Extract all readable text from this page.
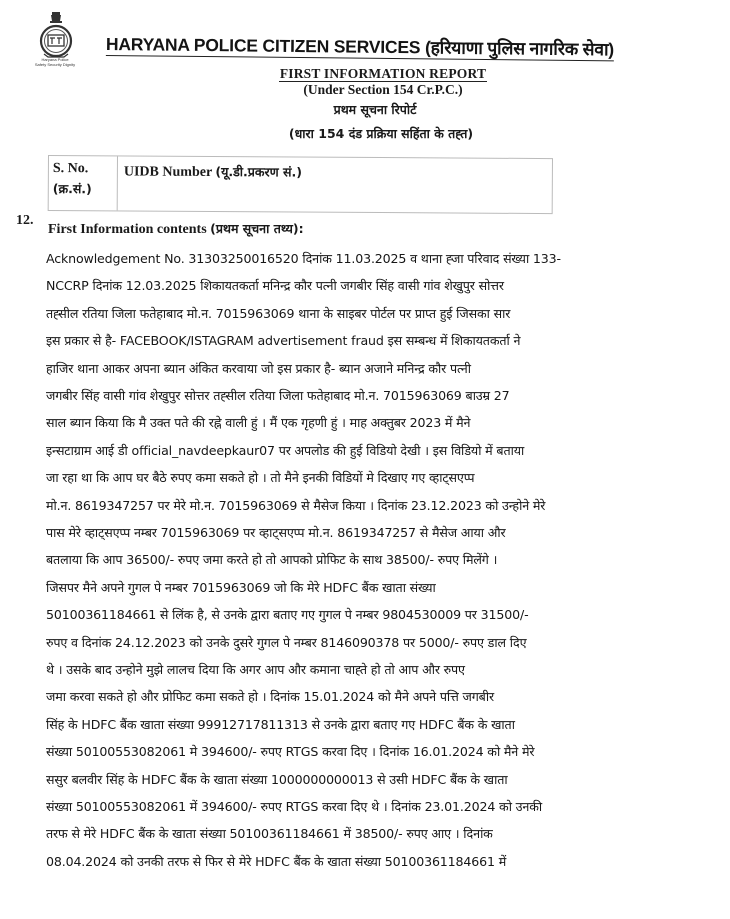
Haryana Police
Safety Security Dignity
HARYANA POLICE CITIZEN SERVICES (हरियाणा पुलिस नागरिक सेवा)
FIRST INFORMATION REPORT
(Under Section 154 Cr.P.C.)
प्रथम सूचना रिपोर्ट
(धारा 154 दंड प्रक्रिया सहिंता के तह्त)
S. No.
(क्र.सं.)
UIDB Number (यू.डी.प्रकरण सं.)
12.
First Information contents (प्रथम सूचना तथ्य):
Acknowledgement No. 31303250016520 दिनांक 11.03.2025 व थाना ह्जा परिवाद संख्या 133-
NCCRP दिनांक 12.03.2025 शिकायतकर्ता मनिन्द्र कौर पत्नी जगबीर सिंह वासी गांव शेखुपुर सोत्तर
तह्सील रतिया जिला फतेहाबाद मो.न. 7015963069 थाना के साइबर पोर्टल पर प्राप्त हुई जिसका सार
इस प्रकार से है- FACEBOOK/ISTAGRAM advertisement fraud इस सम्बन्ध में शिकायतकर्ता ने
हाजिर थाना आकर अपना ब्यान अंकित करवाया जो इस प्रकार है- ब्यान अजाने मनिन्द्र कौर पत्नी
जगबीर सिंह वासी गांव शेखुपुर सोत्तर तह्सील रतिया जिला फतेहाबाद मो.न. 7015963069 बाउम्र 27
साल ब्यान किया कि मै उक्त पते की रह्ने वाली हुं । मैं एक गृहणी हुं । माह अक्तुबर 2023 में मैने
इन्सटाग्राम आई डी official_navdeepkaur07 पर अपलोड की हुई विडियो देखी । इस विडियो में बताया
जा रहा था कि आप घर बैठे रुपए कमा सकते हो । तो मैने इनकी विडियों मे दिखाए गए व्हाट्सएप्प
मो.न. 8619347257 पर मेरे मो.न. 7015963069 से मैसेज किया । दिनांक 23.12.2023 को उन्होने मेरे
पास मेरे व्हाट्सएप्प नम्बर 7015963069 पर व्हाट्सएप्प मो.न. 8619347257 से मैसेज आया और
बतलाया कि आप 36500/- रुपए जमा करते हो तो आपको प्रोफिट के साथ 38500/- रुपए मिलेंगे ।
जिसपर मैने अपने गुगल पे नम्बर 7015963069 जो कि मेरे HDFC बैंक खाता संख्या
50100361184661 से लिंक है, से उनके द्वारा बताए गए गुगल पे नम्बर 9804530009 पर 31500/-
रुपए व दिनांक 24.12.2023 को उनके दुसरे गुगल पे नम्बर 8146090378 पर 5000/- रुपए डाल दिए
थे । उसके बाद उन्होने मुझे लालच दिया कि अगर आप और कमाना चाह्ते हो तो आप और रुपए
जमा करवा सकते हो और प्रोफिट कमा सकते हो । दिनांक 15.01.2024 को मैने अपने पत्ति जगबीर
सिंह के HDFC बैंक खाता संख्या 99912717811313 से उनके द्वारा बताए गए HDFC बैंक के खाता
संख्या 50100553082061 मे 394600/- रुपए RTGS करवा दिए । दिनांक 16.01.2024 को मैने मेरे
ससुर बलवीर सिंह के HDFC बैंक के खाता संख्या 1000000000013 से उसी HDFC बैंक के खाता
संख्या 50100553082061 में 394600/- रुपए RTGS करवा दिए थे । दिनांक 23.01.2024 को उनकी
तरफ से मेरे HDFC बैंक के खाता संख्या 50100361184661 में 38500/- रुपए आए । दिनांक
08.04.2024 को उनकी तरफ से फिर से मेरे HDFC बैंक के खाता संख्या 50100361184661 में
